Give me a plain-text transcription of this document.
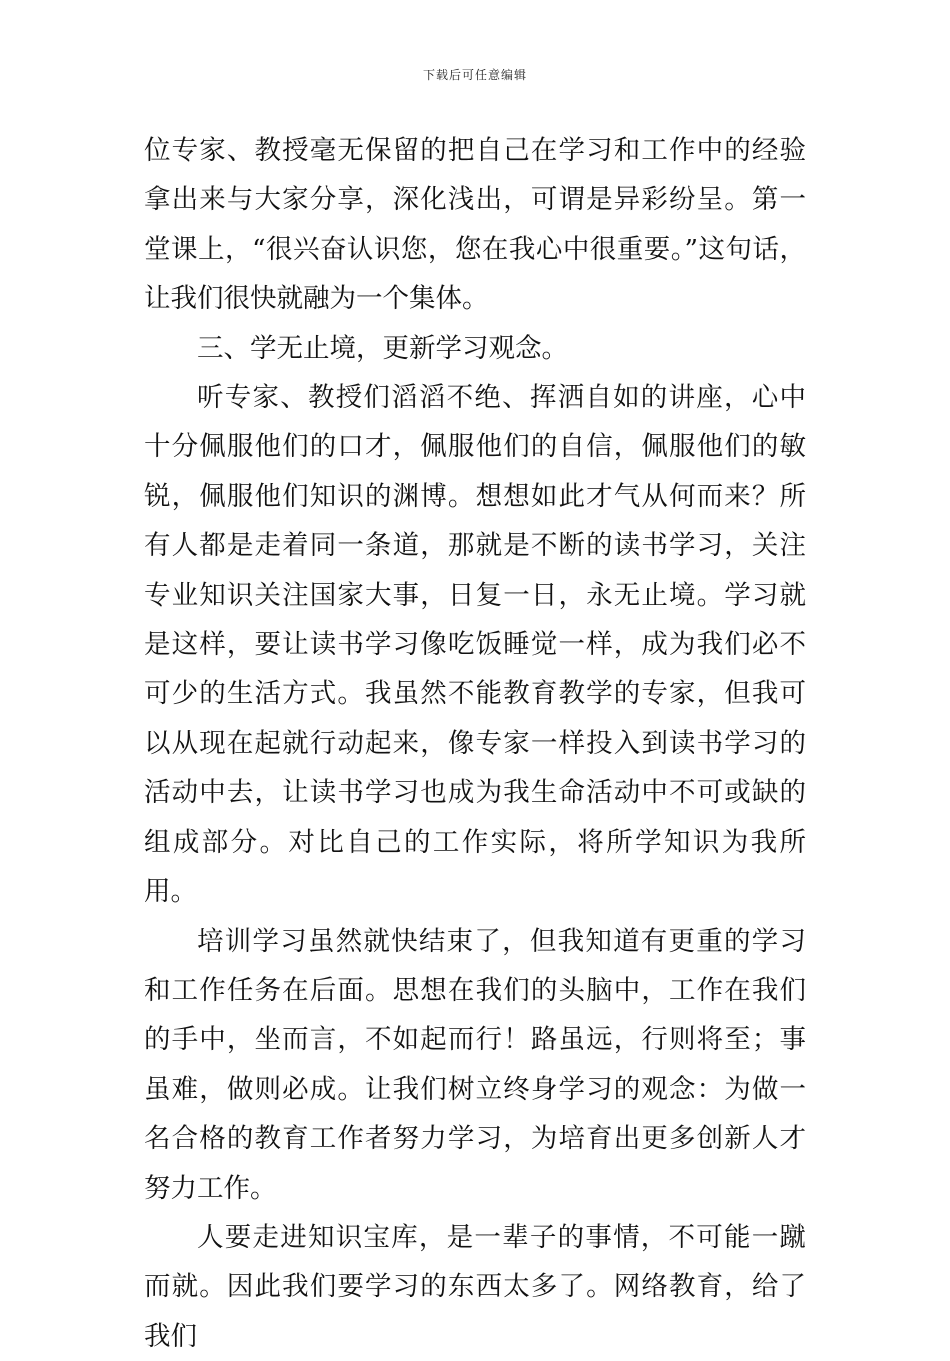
下载后可任意编辑

位专家、教授毫无保留的把自己在学习和工作中的经验拿出来与大家分享，深化浅出，可谓是异彩纷呈。第一堂课上，“很兴奋认识您，您在我心中很重要。”这句话，让我们很快就融为一个集体。

三、学无止境，更新学习观念。

听专家、教授们滔滔不绝、挥洒自如的讲座，心中十分佩服他们的口才，佩服他们的自信，佩服他们的敏锐，佩服他们知识的渊博。想想如此才气从何而来？所有人都是走着同一条道，那就是不断的读书学习，关注专业知识关注国家大事，日复一日，永无止境。学习就是这样，要让读书学习像吃饭睡觉一样，成为我们必不可少的生活方式。我虽然不能教育教学的专家，但我可以从现在起就行动起来，像专家一样投入到读书学习的活动中去，让读书学习也成为我生命活动中不可或缺的组成部分。对比自己的工作实际，将所学知识为我所用。

培训学习虽然就快结束了，但我知道有更重的学习和工作任务在后面。思想在我们的头脑中，工作在我们的手中，坐而言，不如起而行！路虽远，行则将至；事虽难，做则必成。让我们树立终身学习的观念：为做一名合格的教育工作者努力学习，为培育出更多创新人才努力工作。

人要走进知识宝库，是一辈子的事情，不可能一蹴而就。因此我们要学习的东西太多了。网络教育，给了我们
